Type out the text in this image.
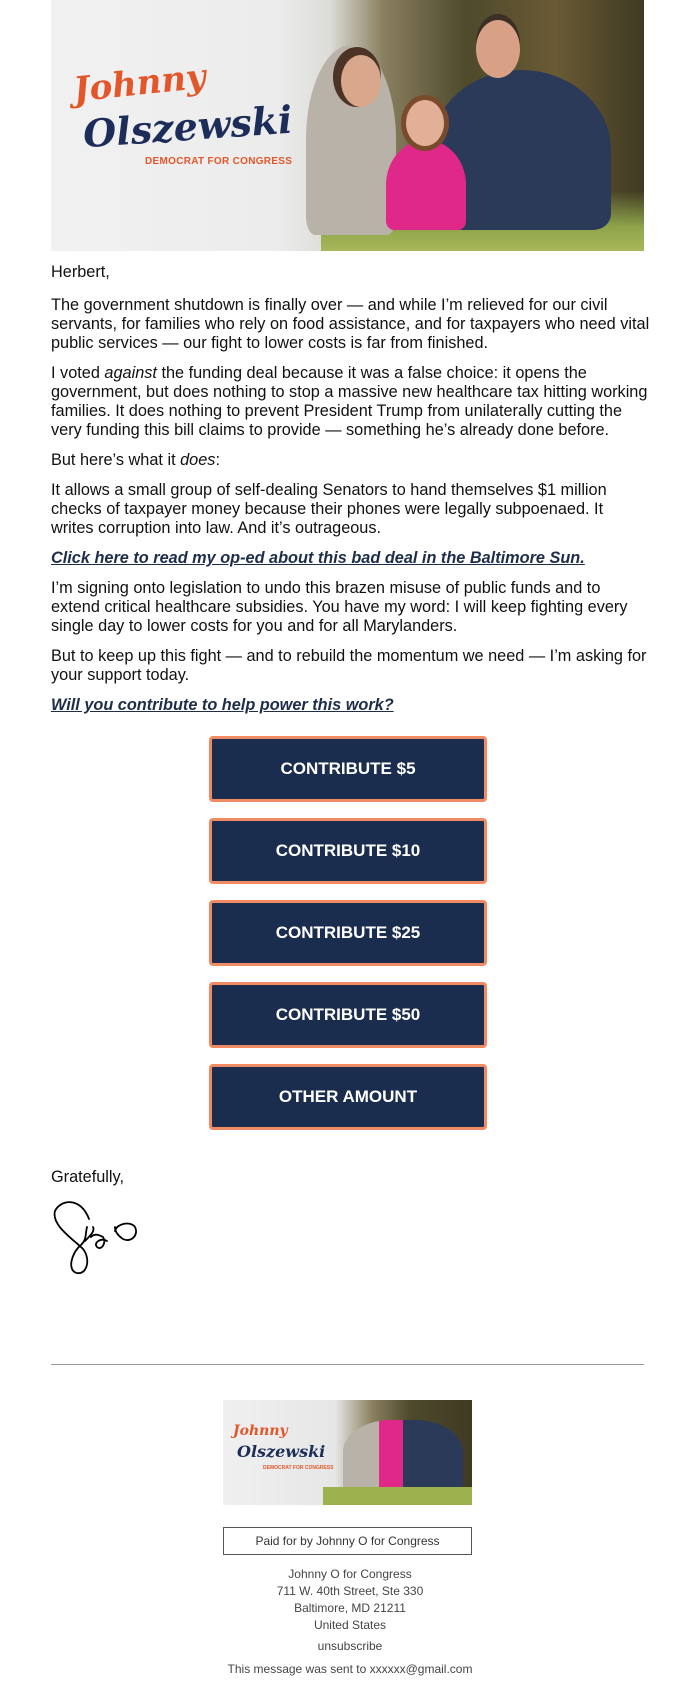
Johnny
Olszewski
DEMOCRAT FOR CONGRESS

Herbert,

The government shutdown is finally over — and while I’m relieved for our civil servants, for families who rely on food assistance, and for taxpayers who need vital public services — our fight to lower costs is far from finished.

I voted against the funding deal because it was a false choice: it opens the government, but does nothing to stop a massive new healthcare tax hitting working families. It does nothing to prevent President Trump from unilaterally cutting the very funding this bill claims to provide — something he’s already done before.

But here’s what it does:

It allows a small group of self-dealing Senators to hand themselves $1 million checks of taxpayer money because their phones were legally subpoenaed. It writes corruption into law. And it’s outrageous.

Click here to read my op-ed about this bad deal in the Baltimore Sun.

I’m signing onto legislation to undo this brazen misuse of public funds and to extend critical healthcare subsidies. You have my word: I will keep fighting every single day to lower costs for you and for all Marylanders.

But to keep up this fight — and to rebuild the momentum we need — I’m asking for your support today.

Will you contribute to help power this work?

CONTRIBUTE $5
CONTRIBUTE $10
CONTRIBUTE $25
CONTRIBUTE $50
OTHER AMOUNT
Gratefully,
Johnny
Olszewski
DEMOCRAT FOR CONGRESS
Paid for by Johnny O for Congress
Johnny O for Congress
711 W. 40th Street, Ste 330
Baltimore, MD 21211
United States
unsubscribe
This message was sent to xxxxxx@gmail.com
